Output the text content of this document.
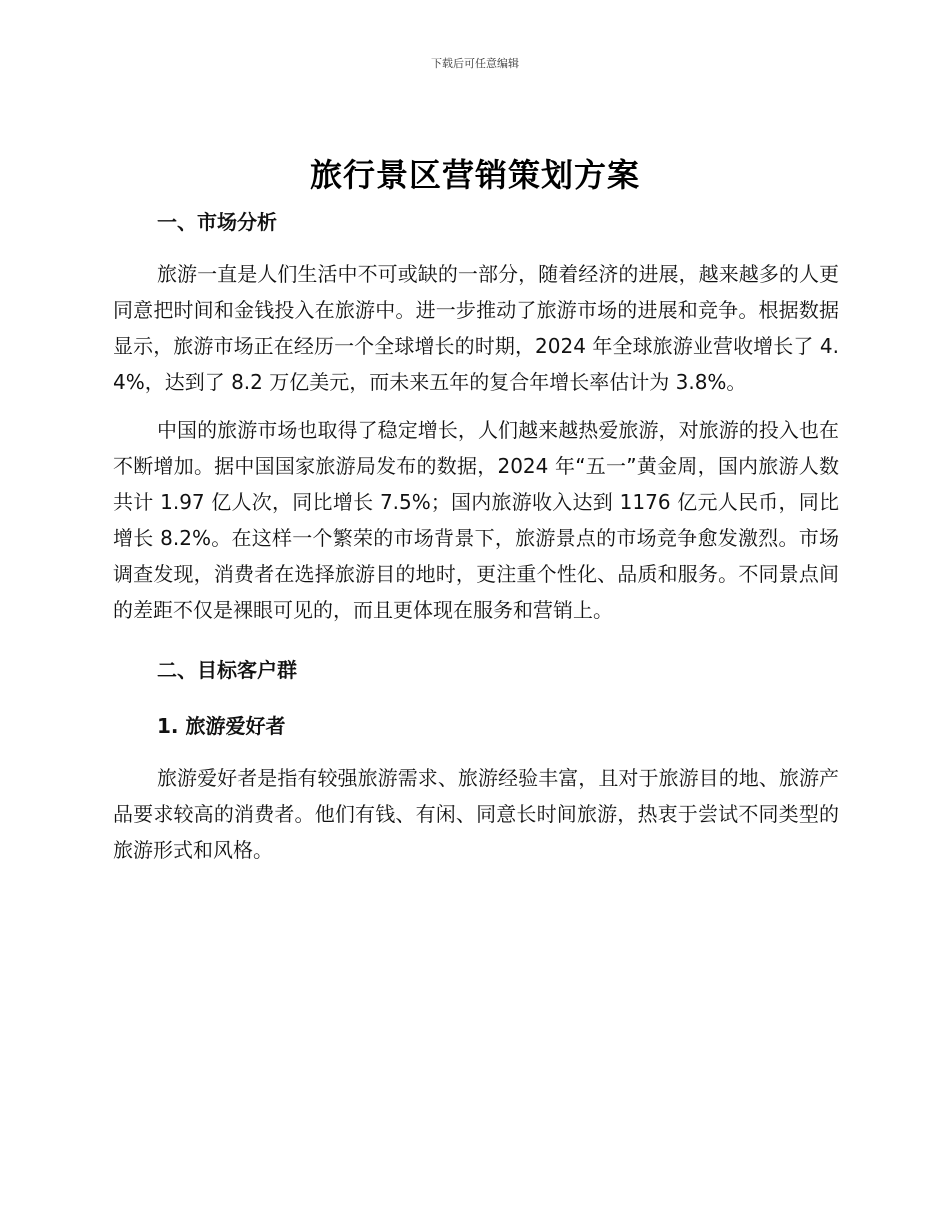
下载后可任意编辑
旅行景区营销策划方案
一、市场分析

旅游一直是人们生活中不可或缺的一部分，随着经济的进展，越来越多的人更同意把时间和金钱投入在旅游中。进一步推动了旅游市场的进展和竞争。根据数据显示，旅游市场正在经历一个全球增长的时期，2024 年全球旅游业营收增长了 4.4%，达到了 8.2 万亿美元，而未来五年的复合年增长率估计为 3.8%。

中国的旅游市场也取得了稳定增长，人们越来越热爱旅游，对旅游的投入也在不断增加。据中国国家旅游局发布的数据，2024 年“五一”黄金周，国内旅游人数共计 1.97 亿人次，同比增长 7.5%；国内旅游收入达到 1176 亿元人民币，同比增长 8.2%。在这样一个繁荣的市场背景下，旅游景点的市场竞争愈发激烈。市场调查发现，消费者在选择旅游目的地时，更注重个性化、品质和服务。不同景点间的差距不仅是裸眼可见的，而且更体现在服务和营销上。

二、目标客户群
1. 旅游爱好者

旅游爱好者是指有较强旅游需求、旅游经验丰富，且对于旅游目的地、旅游产品要求较高的消费者。他们有钱、有闲、同意长时间旅游，热衷于尝试不同类型的旅游形式和风格。
